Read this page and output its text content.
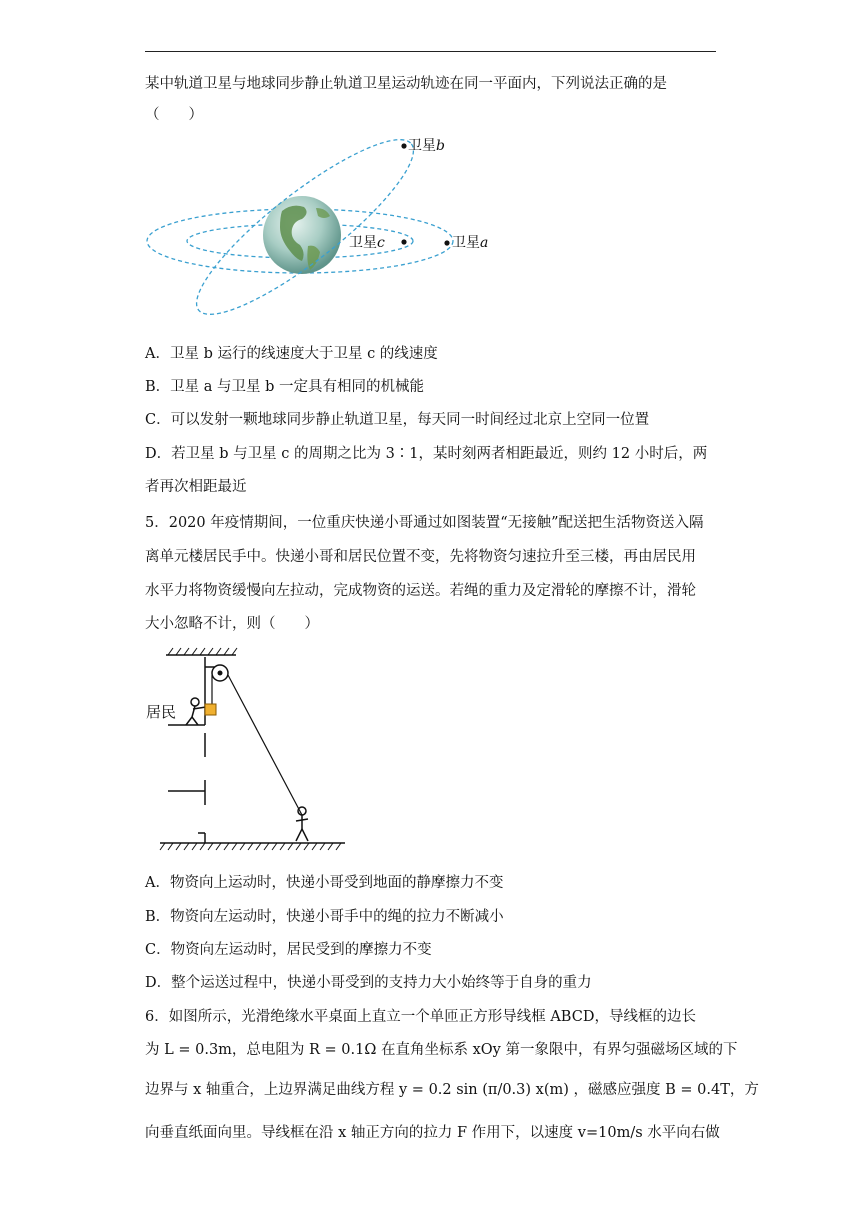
某中轨道卫星与地球同步静止轨道卫星运动轨迹在同一平面内，下列说法正确的是
（　　）
卫星b
卫星a
卫星c
A．卫星 b 运行的线速度大于卫星 c 的线速度
B．卫星 a 与卫星 b 一定具有相同的机械能
C．可以发射一颗地球同步静止轨道卫星，每天同一时间经过北京上空同一位置
D．若卫星 b 与卫星 c 的周期之比为 3∶1，某时刻两者相距最近，则约 12 小时后，两
者再次相距最近
5．2020 年疫情期间，一位重庆快递小哥通过如图装置“无接触”配送把生活物资送入隔
离单元楼居民手中。快递小哥和居民位置不变，先将物资匀速拉升至三楼，再由居民用
水平力将物资缓慢向左拉动，完成物资的运送。若绳的重力及定滑轮的摩擦不计，滑轮
大小忽略不计，则（　　）
居民
A．物资向上运动时，快递小哥受到地面的静摩擦力不变
B．物资向左运动时，快递小哥手中的绳的拉力不断减小
C．物资向左运动时，居民受到的摩擦力不变
D．整个运送过程中，快递小哥受到的支持力大小始终等于自身的重力
6．如图所示，光滑绝缘水平桌面上直立一个单匝正方形导线框 ABCD，导线框的边长
为 L = 0.3m，总电阻为 R = 0.1Ω 在直角坐标系 xOy 第一象限中，有界匀强磁场区域的下
边界与 x 轴重合，上边界满足曲线方程 y = 0.2 sin (π/0.3) x(m) ，磁感应强度 B = 0.4T，方
向垂直纸面向里。导线框在沿 x 轴正方向的拉力 F 作用下，以速度 v=10m/s 水平向右做
